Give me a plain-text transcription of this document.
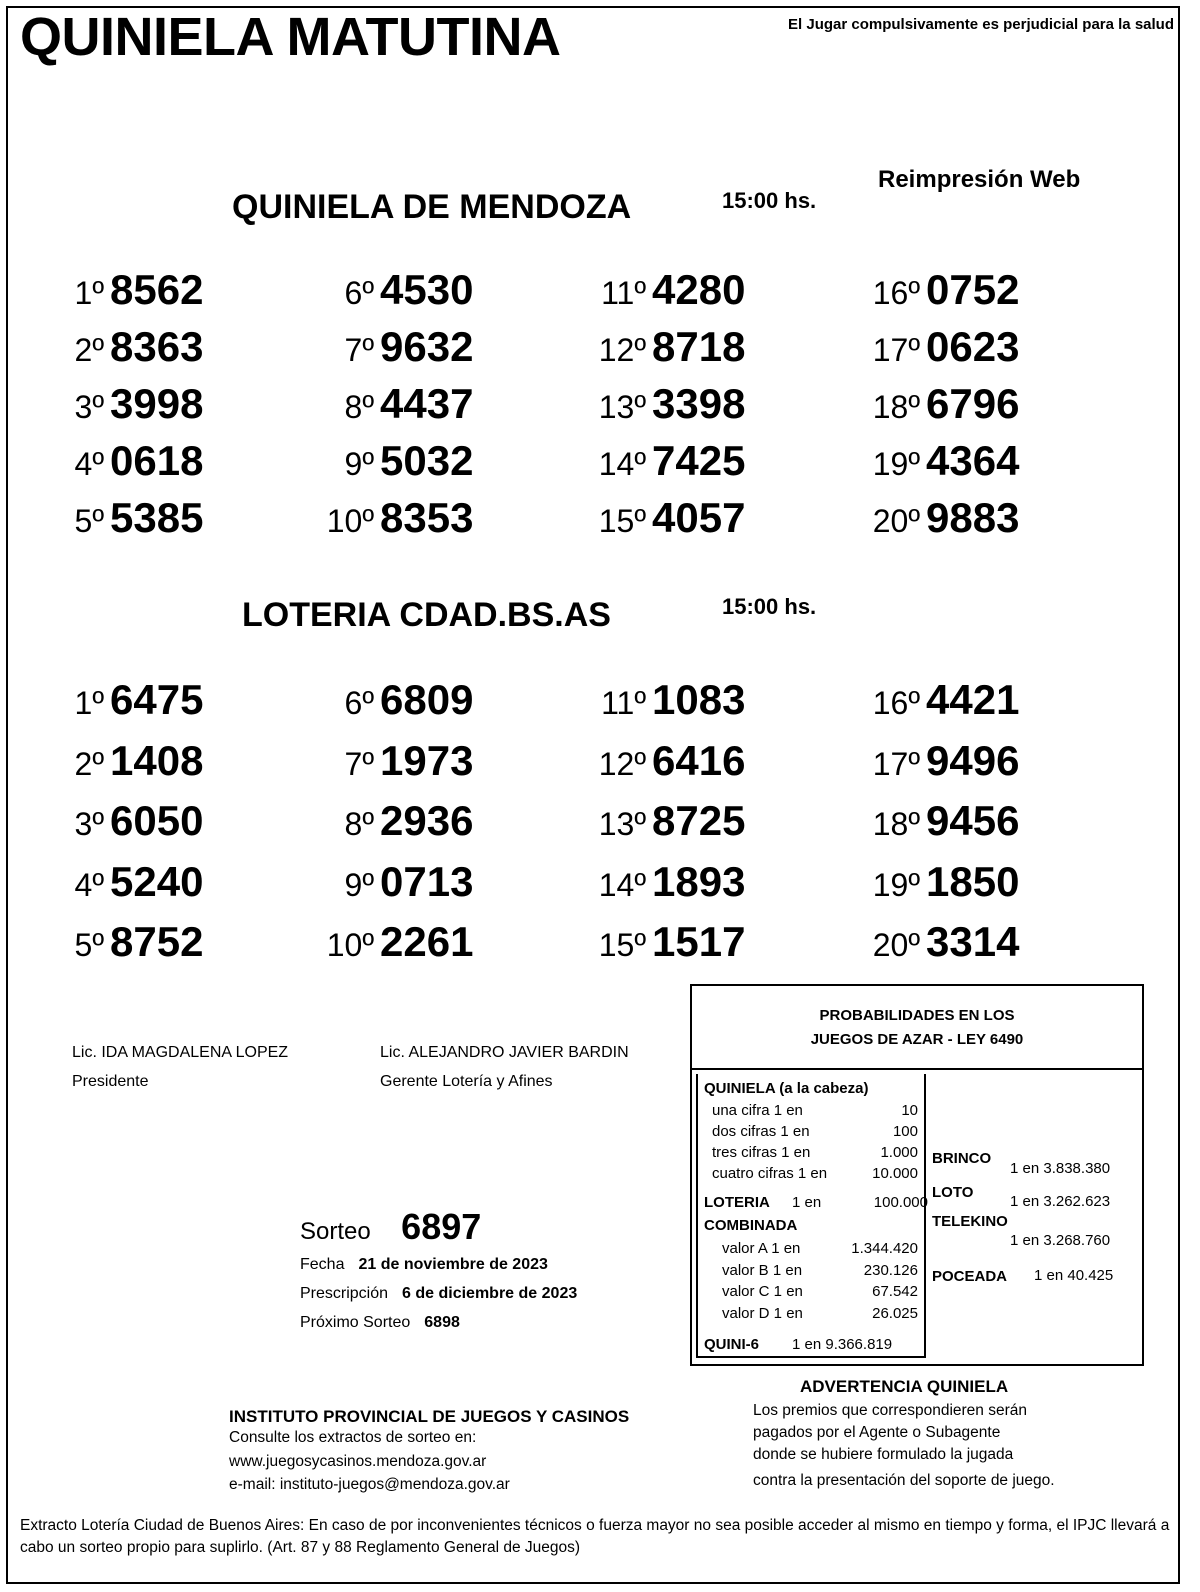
QUINIELA MATUTINA	El Jugar compulsivamente es perjudicial para la salud
Reimpresión Web
QUINIELA DE MENDOZA	15:00 hs.
1º 8562
2º 8363
3º 3998
4º 0618
5º 5385
6º 4530
7º 9632
8º 4437
9º 5032
10º 8353
11º 4280
12º 8718
13º 3398
14º 7425
15º 4057
16º 0752
17º 0623
18º 6796
19º 4364
20º 9883
LOTERIA CDAD.BS.AS	15:00 hs.
1º 6475
2º 1408
3º 6050
4º 5240
5º 8752
6º 6809
7º 1973
8º 2936
9º 0713
10º 2261
11º 1083
12º 6416
13º 8725
14º 1893
15º 1517
16º 4421
17º 9496
18º 9456
19º 1850
20º 3314
Lic. IDA MAGDALENA LOPEZ
Presidente
Lic. ALEJANDRO JAVIER BARDIN
Gerente Lotería y Afines
Sorteo 6897
Fecha 21 de noviembre de 2023
Prescripción 6 de diciembre de 2023
Próximo Sorteo 6898
PROBABILIDADES EN LOS
JUEGOS DE AZAR - LEY 6490
QUINIELA (a la cabeza)
una cifra 1 en	10
dos cifras 1 en	100
tres cifras 1 en	1.000
cuatro cifras 1 en	10.000
LOTERIA 1 en	100.000
COMBINADA
valor A 1 en	1.344.420
valor B 1 en	230.126
valor C 1 en	67.542
valor D 1 en	26.025
QUINI-6 1 en 9.366.819
BRINCO
1 en 3.838.380
LOTO
1 en 3.262.623
TELEKINO
1 en 3.268.760
POCEADA 1 en 40.425
ADVERTENCIA QUINIELA
Los premios que correspondieren serán
pagados por el Agente o Subagente
donde se hubiere formulado la jugada
contra la presentación del soporte de juego.
INSTITUTO PROVINCIAL DE JUEGOS Y CASINOS
Consulte los extractos de sorteo en:
www.juegosycasinos.mendoza.gov.ar
e-mail: instituto-juegos@mendoza.gov.ar
Extracto Lotería Ciudad de Buenos Aires: En caso de por inconvenientes técnicos o fuerza mayor no sea posible acceder al mismo en tiempo y forma, el IPJC llevará a cabo un sorteo propio para suplirlo. (Art. 87 y 88 Reglamento General de Juegos)
